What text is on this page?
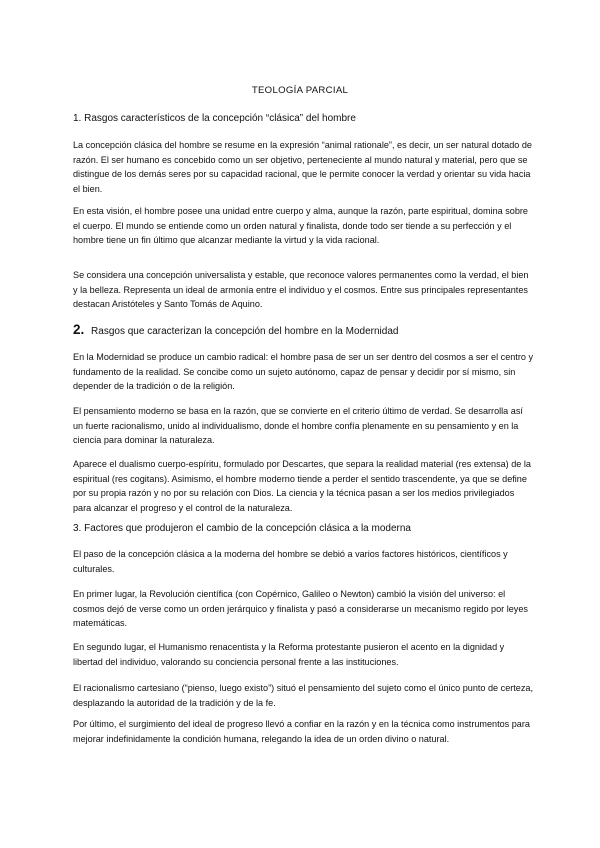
TEOLOGÍA PARCIAL
1. Rasgos característicos de la concepción “clásica” del hombre

La concepción clásica del hombre se resume en la expresión “animal rationale”, es decir, un ser natural dotado de razón. El ser humano es concebido como un ser objetivo, perteneciente al mundo natural y material, pero que se distingue de los demás seres por su capacidad racional, que le permite conocer la verdad y orientar su vida hacia el bien.

En esta visión, el hombre posee una unidad entre cuerpo y alma, aunque la razón, parte espiritual, domina sobre el cuerpo. El mundo se entiende como un orden natural y finalista, donde todo ser tiende a su perfección y el hombre tiene un fin último que alcanzar mediante la virtud y la vida racional.

Se considera una concepción universalista y estable, que reconoce valores permanentes como la verdad, el bien y la belleza. Representa un ideal de armonía entre el individuo y el cosmos. Entre sus principales representantes destacan Aristóteles y Santo Tomás de Aquino.

2. Rasgos que caracterizan la concepción del hombre en la Modernidad

En la Modernidad se produce un cambio radical: el hombre pasa de ser un ser dentro del cosmos a ser el centro y fundamento de la realidad. Se concibe como un sujeto autónomo, capaz de pensar y decidir por sí mismo, sin depender de la tradición o de la religión.

El pensamiento moderno se basa en la razón, que se convierte en el criterio último de verdad. Se desarrolla así un fuerte racionalismo, unido al individualismo, donde el hombre confía plenamente en su pensamiento y en la ciencia para dominar la naturaleza.

Aparece el dualismo cuerpo-espíritu, formulado por Descartes, que separa la realidad material (res extensa) de la espiritual (res cogitans). Asimismo, el hombre moderno tiende a perder el sentido trascendente, ya que se define por su propia razón y no por su relación con Dios. La ciencia y la técnica pasan a ser los medios privilegiados para alcanzar el progreso y el control de la naturaleza.

3. Factores que produjeron el cambio de la concepción clásica a la moderna

El paso de la concepción clásica a la moderna del hombre se debió a varios factores históricos, científicos y culturales.

En primer lugar, la Revolución científica (con Copérnico, Galileo o Newton) cambió la visión del universo: el cosmos dejó de verse como un orden jerárquico y finalista y pasó a considerarse un mecanismo regido por leyes matemáticas.

En segundo lugar, el Humanismo renacentista y la Reforma protestante pusieron el acento en la dignidad y libertad del individuo, valorando su conciencia personal frente a las instituciones.

El racionalismo cartesiano (“pienso, luego existo”) situó el pensamiento del sujeto como el único punto de certeza, desplazando la autoridad de la tradición y de la fe.

Por último, el surgimiento del ideal de progreso llevó a confiar en la razón y en la técnica como instrumentos para mejorar indefinidamente la condición humana, relegando la idea de un orden divino o natural.
